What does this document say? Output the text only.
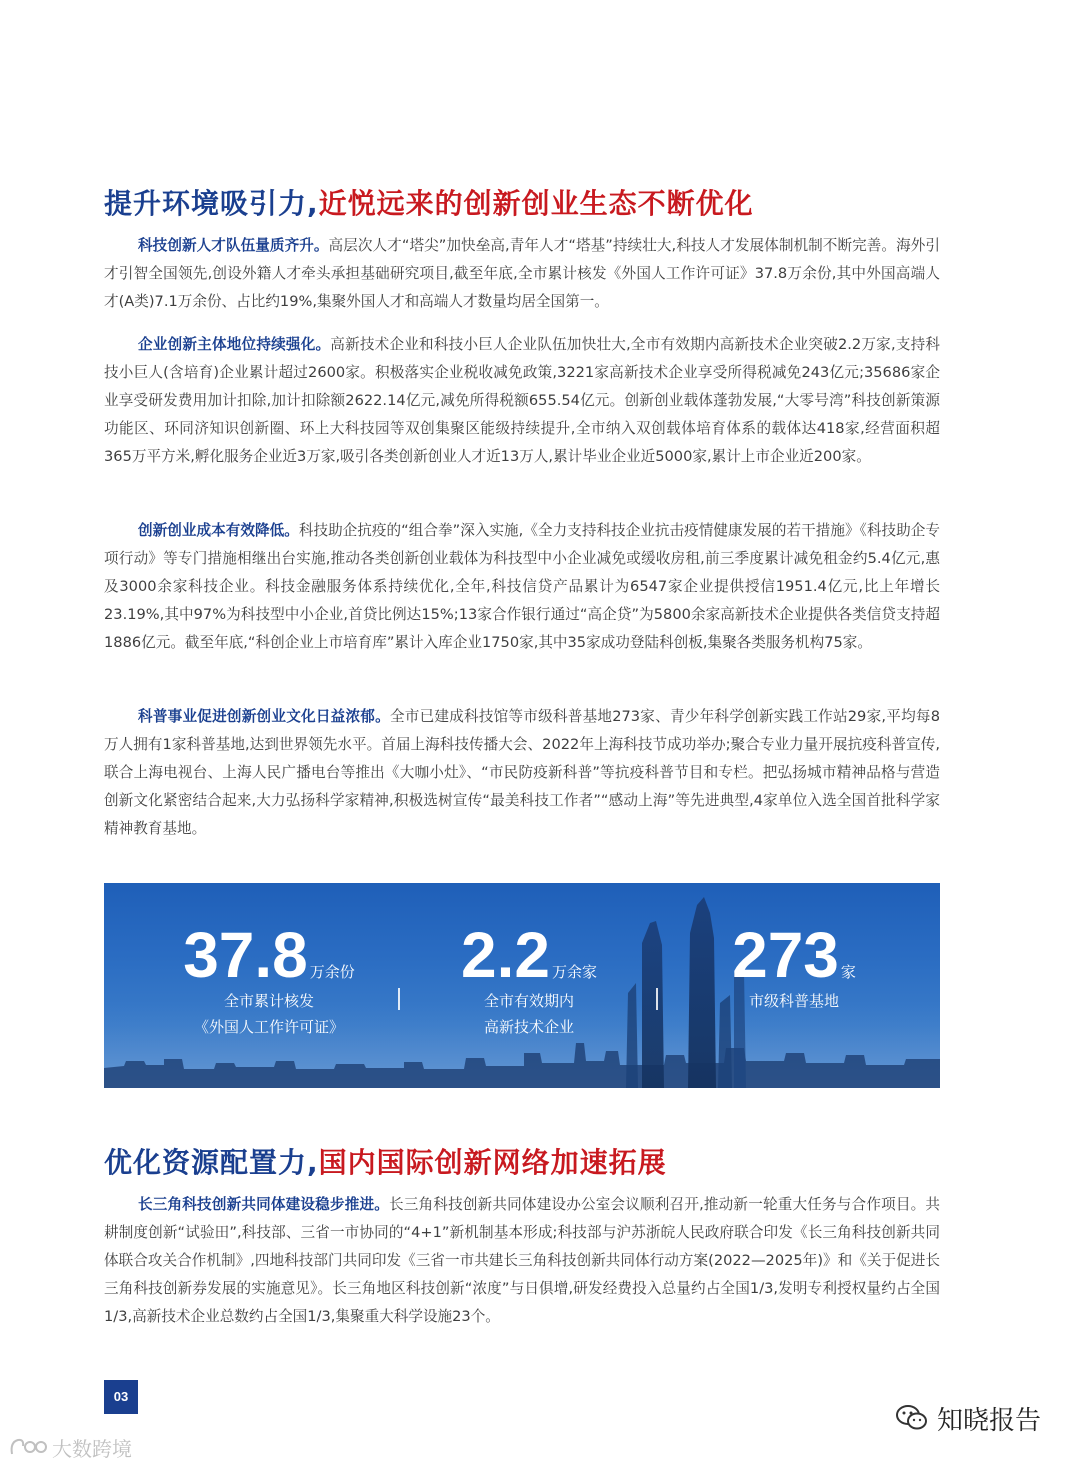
提升环境吸引力,近悦远来的创新创业生态不断优化

科技创新人才队伍量质齐升。高层次人才“塔尖”加快垒高,青年人才“塔基”持续壮大,科技人才发展体制机制不断完善。海外引才引智全国领先,创设外籍人才牵头承担基础研究项目,截至年底,全市累计核发《外国人工作许可证》37.8万余份,其中外国高端人才(A类)7.1万余份、占比约19%,集聚外国人才和高端人才数量均居全国第一。

企业创新主体地位持续强化。高新技术企业和科技小巨人企业队伍加快壮大,全市有效期内高新技术企业突破2.2万家,支持科技小巨人(含培育)企业累计超过2600家。积极落实企业税收减免政策,3221家高新技术企业享受所得税减免243亿元;35686家企业享受研发费用加计扣除,加计扣除额2622.14亿元,减免所得税额655.54亿元。创新创业载体蓬勃发展,“大零号湾”科技创新策源功能区、环同济知识创新圈、环上大科技园等双创集聚区能级持续提升,全市纳入双创载体培育体系的载体达418家,经营面积超365万平方米,孵化服务企业近3万家,吸引各类创新创业人才近13万人,累计毕业企业近5000家,累计上市企业近200家。

创新创业成本有效降低。科技助企抗疫的“组合拳”深入实施,《全力支持科技企业抗击疫情健康发展的若干措施》《科技助企专项行动》等专门措施相继出台实施,推动各类创新创业载体为科技型中小企业减免或缓收房租,前三季度累计减免租金约5.4亿元,惠及3000余家科技企业。科技金融服务体系持续优化,全年,科技信贷产品累计为6547家企业提供授信1951.4亿元,比上年增长23.19%,其中97%为科技型中小企业,首贷比例达15%;13家合作银行通过“高企贷”为5800余家高新技术企业提供各类信贷支持超1886亿元。截至年底,“科创企业上市培育库”累计入库企业1750家,其中35家成功登陆科创板,集聚各类服务机构75家。

科普事业促进创新创业文化日益浓郁。全市已建成科技馆等市级科普基地273家、青少年科学创新实践工作站29家,平均每8万人拥有1家科普基地,达到世界领先水平。首届上海科技传播大会、2022年上海科技节成功举办;聚合专业力量开展抗疫科普宣传,联合上海电视台、上海人民广播电台等推出《大咖小灶》、“市民防疫新科普”等抗疫科普节目和专栏。把弘扬城市精神品格与营造创新文化紧密结合起来,大力弘扬科学家精神,积极选树宣传“最美科技工作者”“感动上海”等先进典型,4家单位入选全国首批科学家精神教育基地。

37.8 万余份
全市累计核发
《外国人工作许可证》
2.2 万余家
全市有效期内
高新技术企业
273 家
市级科普基地
优化资源配置力,国内国际创新网络加速拓展

长三角科技创新共同体建设稳步推进。长三角科技创新共同体建设办公室会议顺利召开,推动新一轮重大任务与合作项目。共耕制度创新“试验田”,科技部、三省一市协同的“4+1”新机制基本形成;科技部与沪苏浙皖人民政府联合印发《长三角科技创新共同体联合攻关合作机制》,四地科技部门共同印发《三省一市共建长三角科技创新共同体行动方案(2022—2025年)》和《关于促进长三角科技创新券发展的实施意见》。长三角地区科技创新“浓度”与日俱增,研发经费投入总量约占全国1/3,发明专利授权量约占全国1/3,高新技术企业总数约占全国1/3,集聚重大科学设施23个。

03
知晓报告
大数跨境
